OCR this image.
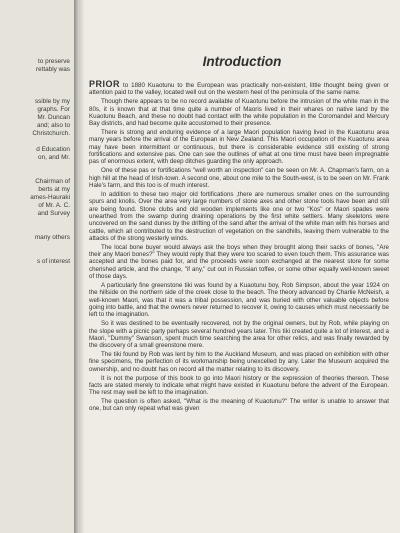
to preserve
rettably was
ssible by my
graphs. For
Mr. Duncan
and; also to
Christchurch.
d Education
on, and Mr.
Chairman of
berts at my
ames-Hauraki
of Mr. A. C.
and Survey
many others
s of interest
Introduction

PRIOR to 1880 Kuaotunu to the European was practically non-existent, little thought being given or attention paid to the valley, located well out on the western heel of the peninsula of the same name.

Though there appears to be no record available of Kuaotunu before the intrusion of the white man in the 80s, it is known that at that time quite a number of Maoris lived in their whares on native land by the Kuaotunu Beach, and these no doubt had contact with the white population in the Coromandel and Mercury Bay districts, and had become quite accustomed to their presence.

There is strong and enduring evidence of a large Maori population having lived in the Kuaotunu area many years before the arrival of the European in New Zealand. This Maori occupation of the Kuaotunu area may have been intermittent or continuous, but there is considerable evidence still existing of strong fortifications and extensive pas. One can see the outlines of what at one time must have been impregnable pas of enormous extent, with deep ditches guarding the only approach.

One of these pas or fortifications "well worth an inspection" can be seen on Mr. A. Chapman's farm, on a high hill at the head of Irish-town. A second one, about one mile to the South-west, is to be seen on Mr. Frank Hale's farm, and this too is of much interest.

In addition to these two major old fortifications ,there are numerous smaller ones on the surrounding spurs and knolls. Over the area very large numbers of stone axes and other stone tools have been and still are being found. Stone clubs and old wooden implements like one or two "Kos" or Maori spades were unearthed from the swamp during draining operations by the first white settlers. Many skeletons were uncovered on the sand dunes by the drifting of the sand after the arrival of the white man with his horses and cattle, which all contributed to the destruction of vegetation on the sandhills, leaving them vulnerable to the attacks of the strong westerly winds.

The local bone buyer would always ask the boys when they brought along their sacks of bones, "Are their any Maori bones?" They would reply that they were too scared to even touch them. This assurance was accepted and the bones paid for, and the proceeds were soon exchanged at the nearest store for some cherished article, and the change, "if any," cut out in Russian toffee, or some other equally well-known sweet of those days.

A particularly fine greenstone tiki was found by a Kuaotunu boy, Rob Simpson, about the year 1924 on the hillside on the northern side of the creek close to the beach. The theory advanced by Charlie McNeish, a well-known Maori, was that it was a tribal possession, and was buried with other valuable objects before going into battle, and that the owners never returned to recover it, owing to causes which must necessarily be left to the imagination.

So it was destined to be eventually recovered, not by the original owners, but by Rob, while playing on the slope with a picnic party perhaps several hundred years later. This tiki created quite a lot of interest, and a Maori, "Dummy" Swanson, spent much time searching the area for other relics, and was finally rewarded by the discovery of a small greenstone mere.

The tiki found by Rob was lent by him to the Auckland Museum, and was placed on exhibition with other fine specimens, the perfection of its workmanship being unexcelled by any. Later the Museum acquired the ownership, and no doubt has on record all the matter relating to its discovery.

It is not the purpose of this book to go into Maori history or the expression of theories thereon. These facts are stated merely to indicate what might have existed in Kuaotunu before the advent of the European. The rest may well be left to the imagination.

The question is often asked, "What is the meaning of Kuaotunu?" The writer is unable to answer that one, but can only repeat what was given
